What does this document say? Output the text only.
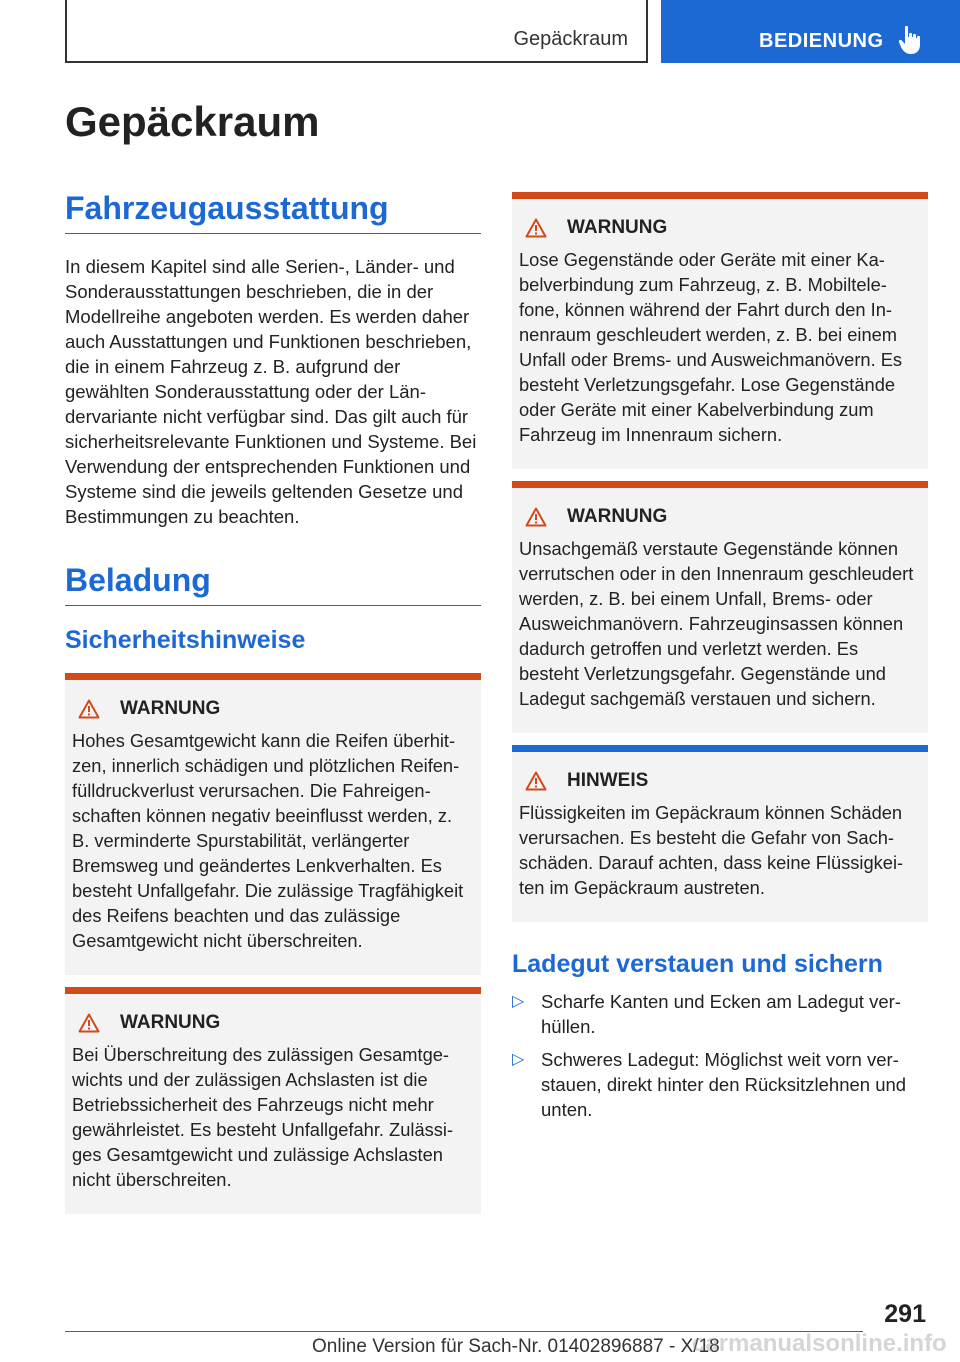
Gepäckraum	BEDIENUNG
Gepäckraum
Fahrzeugausstattung

In diesem Kapitel sind alle Serien-, Länder- und Sonderausstattungen beschrieben, die in der Modellreihe angeboten werden. Es werden daher auch Ausstattungen und Funktionen beschrieben, die in einem Fahrzeug z. B. aufgrund der gewählten Sonderausstattung oder der Ländervariante nicht verfügbar sind. Das gilt auch für sicherheitsrelevante Funktionen und Systeme. Bei Verwendung der entsprechenden Funktionen und Systeme sind die jeweils geltenden Gesetze und Bestimmungen zu beachten.

Beladung
Sicherheitshinweise
WARNUNG

Hohes Gesamtgewicht kann die Reifen überhitzen, innerlich schädigen und plötzlichen Reifenfülldruckverlust verursachen. Die Fahreigenschaften können negativ beeinflusst werden, z. B. verminderte Spurstabilität, verlängerter Bremsweg und geändertes Lenkverhalten. Es besteht Unfallgefahr. Die zulässige Tragfähigkeit des Reifens beachten und das zulässige Gesamtgewicht nicht überschreiten.

WARNUNG

Bei Überschreitung des zulässigen Gesamtgewichts und der zulässigen Achslasten ist die Betriebssicherheit des Fahrzeugs nicht mehr gewährleistet. Es besteht Unfallgefahr. Zulässiges Gesamtgewicht und zulässige Achslasten nicht überschreiten.

WARNUNG

Lose Gegenstände oder Geräte mit einer Kabelverbindung zum Fahrzeug, z. B. Mobiltelefone, können während der Fahrt durch den Innenraum geschleudert werden, z. B. bei einem Unfall oder Brems- und Ausweichmanövern. Es besteht Verletzungsgefahr. Lose Gegenstände oder Geräte mit einer Kabelverbindung zum Fahrzeug im Innenraum sichern.

WARNUNG

Unsachgemäß verstaute Gegenstände können verrutschen oder in den Innenraum geschleudert werden, z. B. bei einem Unfall, Brems- oder Ausweichmanövern. Fahrzeuginsassen können dadurch getroffen und verletzt werden. Es besteht Verletzungsgefahr. Gegenstände und Ladegut sachgemäß verstauen und sichern.

HINWEIS

Flüssigkeiten im Gepäckraum können Schäden verursachen. Es besteht die Gefahr von Sachschäden. Darauf achten, dass keine Flüssigkeiten im Gepäckraum austreten.

Ladegut verstauen und sichern
▷ Scharfe Kanten und Ecken am Ladegut verhüllen.
▷ Schweres Ladegut: Möglichst weit vorn verstauen, direkt hinter den Rücksitzlehnen und unten.
291
Online Version für Sach-Nr. 01402896887 - X/18
carmanualsonline.info
